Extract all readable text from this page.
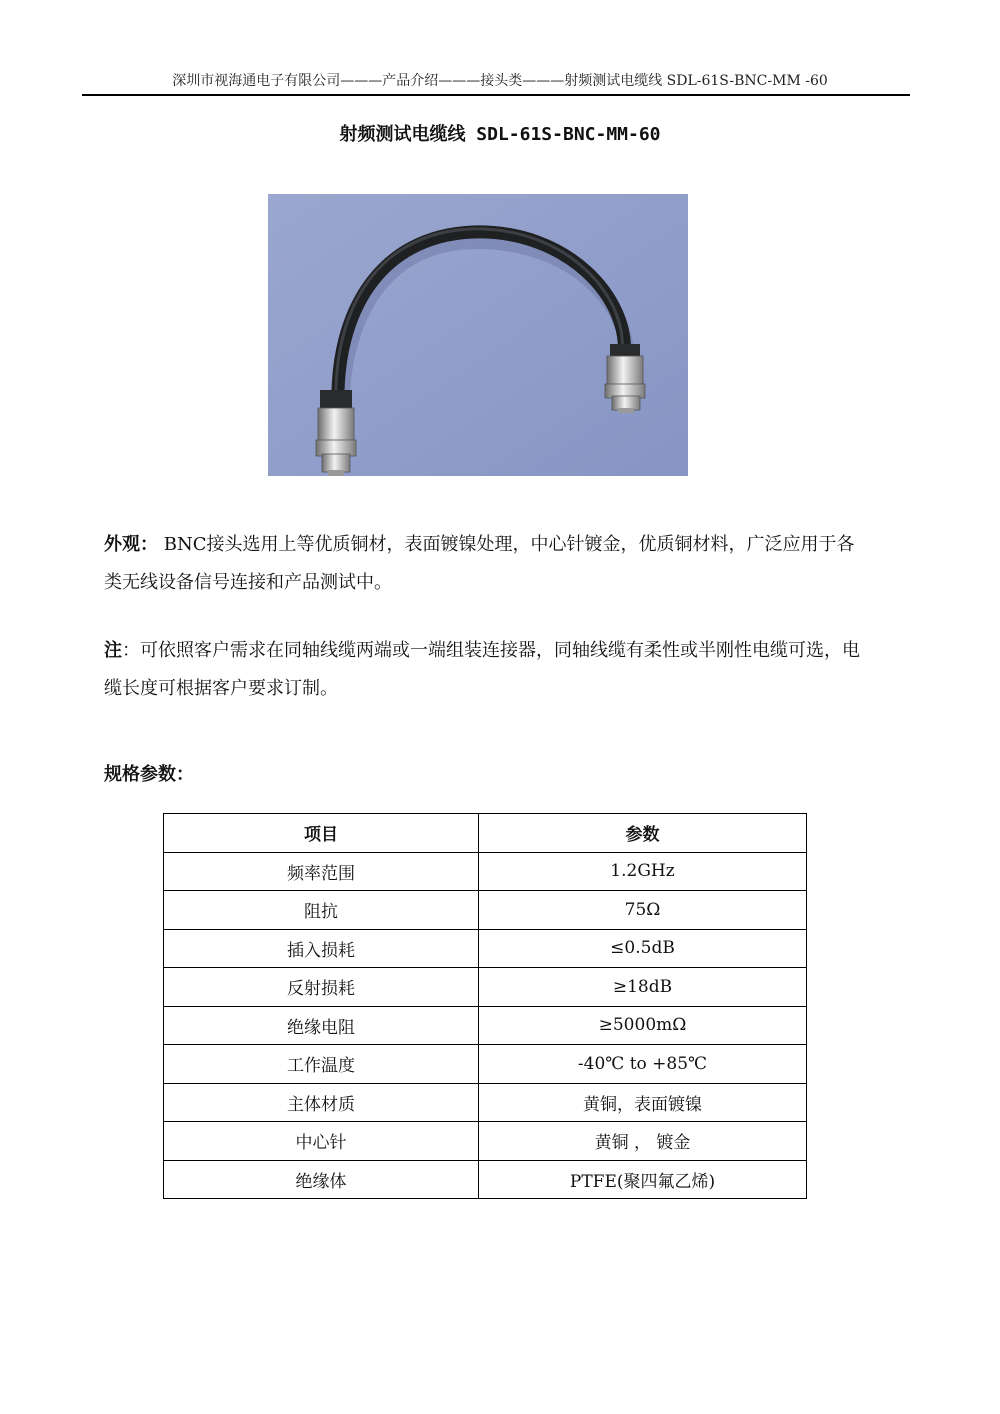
深圳市视海通电子有限公司———产品介绍———接头类———射频测试电缆线 SDL-61S-BNC-MM -60
射频测试电缆线 SDL-61S-BNC-MM-60
外观： BNC接头选用上等优质铜材，表面镀镍处理，中心针镀金，优质铜材料，广泛应用于各类无线设备信号连接和产品测试中。
注：可依照客户需求在同轴线缆两端或一端组装连接器，同轴线缆有柔性或半刚性电缆可选，电缆长度可根据客户要求订制。
规格参数：
项目	参数
频率范围	1.2GHz
阻抗	75Ω
插入损耗	≤0.5dB
反射损耗	≥18dB
绝缘电阻	≥5000mΩ
工作温度	-40℃ to +85℃
主体材质	黄铜，表面镀镍
中心针	黄铜 ， 镀金
绝缘体	PTFE(聚四氟乙烯)
